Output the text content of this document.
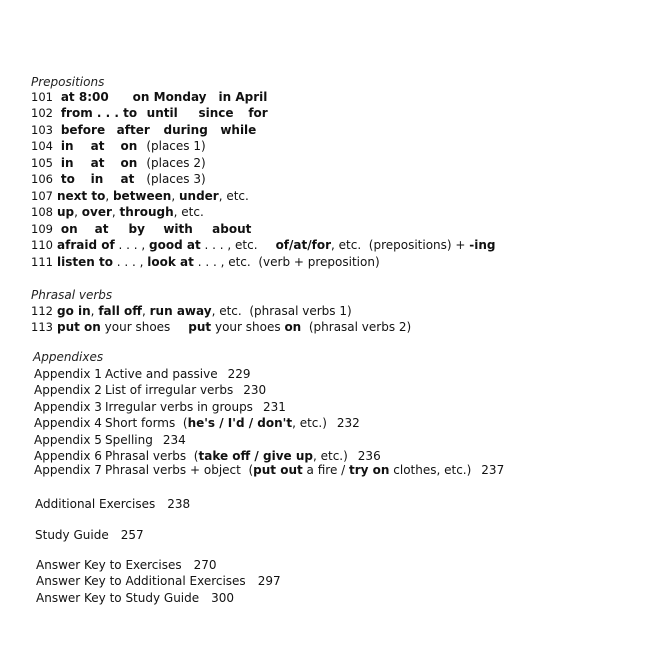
Prepositions
101 at 8:00 on Monday in April
102 from . . . to until since for
103 before after during while
104 in at on (places 1)
105 in at on (places 2)
106 to in at (places 3)
107 next to, between, under, etc.
108 up, over, through, etc.
109 on at by with about
110 afraid of . . . , good at . . . , etc. of/at/for, etc.  (prepositions) + -ing
111 listen to . . . , look at . . . , etc.  (verb + preposition)
Phrasal verbs
112 go in, fall off, run away, etc.  (phrasal verbs 1)
113 put on your shoes put your shoes on  (phrasal verbs 2)
Appendixes
Appendix 1 Active and passive 229
Appendix 2 List of irregular verbs 230
Appendix 3 Irregular verbs in groups 231
Appendix 4 Short forms  (he's / I'd / don't, etc.) 232
Appendix 5 Spelling 234
Appendix 6 Phrasal verbs  (take off / give up, etc.) 236
Appendix 7 Phrasal verbs + object  (put out a fire / try on clothes, etc.) 237
Additional Exercises 238
Study Guide 257
Answer Key to Exercises 270
Answer Key to Additional Exercises 297
Answer Key to Study Guide 300
